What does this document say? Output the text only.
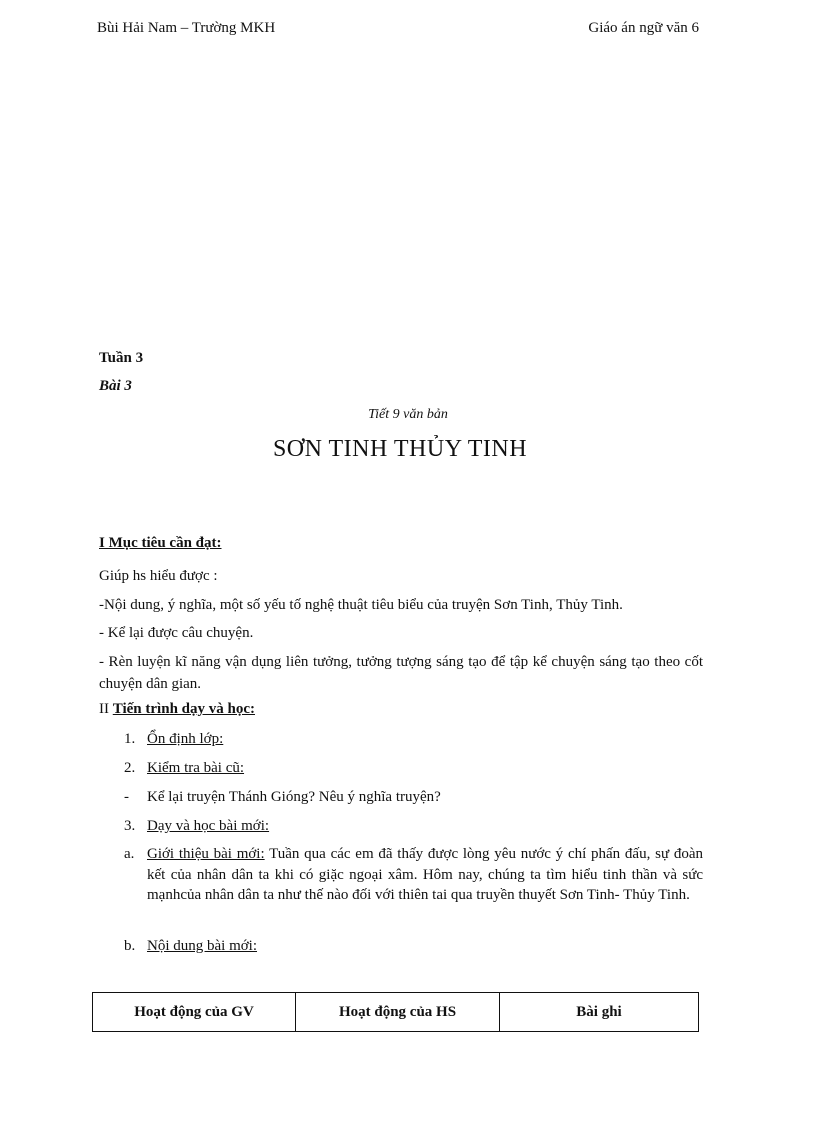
Bùi Hải Nam – Trường MKH	Giáo án ngữ văn 6
Tuần 3
Bài 3
Tiết 9 văn bản
SƠN TINH THỦY TINH
I Mục tiêu cần đạt:
Giúp hs hiểu được :
-Nội dung, ý nghĩa, một số yếu tố nghệ thuật tiêu biểu của truyện Sơn Tinh, Thủy Tinh.
- Kể lại được câu chuyện.
- Rèn luyện kĩ năng vận dụng liên tưởng, tưởng tượng sáng tạo để tập kể chuyện sáng tạo theo cốt chuyện dân gian.
II Tiến trình dạy và học:
1. Ổn định lớp:
2. Kiểm tra bài cũ:
- Kể lại truyện Thánh Gióng? Nêu ý nghĩa truyện?
3. Dạy và học bài mới:
a. Giới thiệu bài mới: Tuần qua các em đã thấy được lòng yêu nước ý chí phấn đấu, sự đoàn kết của nhân dân ta khi có giặc ngoại xâm. Hôm nay, chúng ta tìm hiểu tinh thần và sức mạnhcủa nhân dân ta như thế nào đối với thiên tai qua truyền thuyết Sơn Tinh- Thủy Tinh.
b. Nội dung bài mới:
Hoạt động của GV	Hoạt động của HS	Bài ghi
